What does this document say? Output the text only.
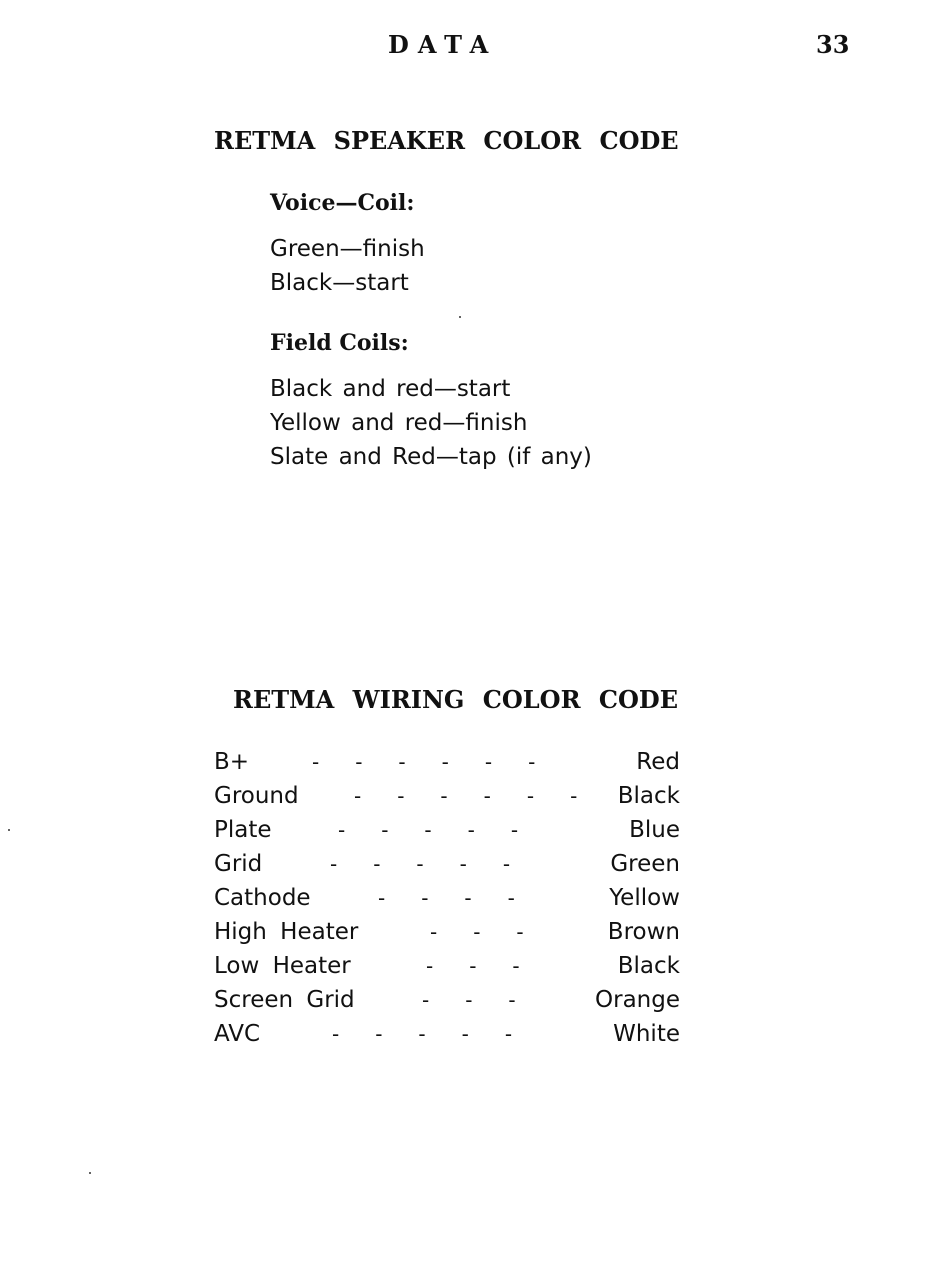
DATA	33
RETMA SPEAKER COLOR CODE
Voice—Coil:
Green—finish
Black—start
Field Coils:
Black and red—start
Yellow and red—finish
Slate and Red—tap (if any)
RETMA WIRING COLOR CODE
B+	------	Red
Ground	------ Black
Plate	-----	Blue
Grid	-----	Green
Cathode	----	Yellow
High Heater	--- Brown
Low Heater	---	Black
Screen Grid	--- Orange
AVC	-----	White
